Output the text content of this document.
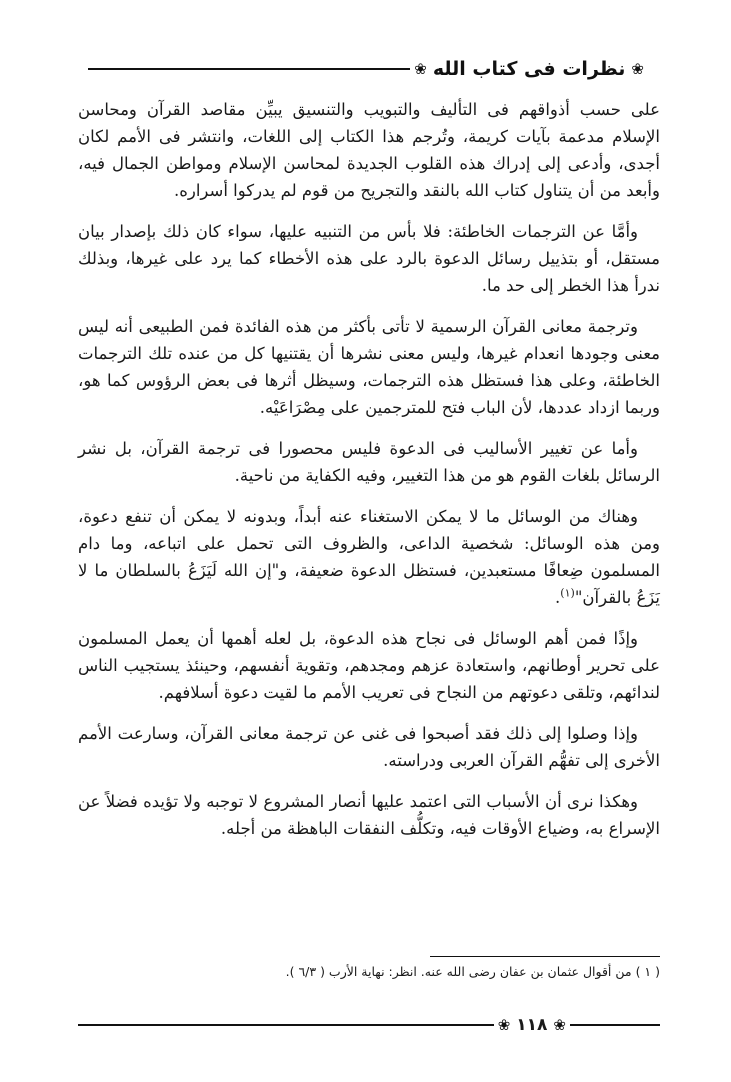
❀
نظرات فى كتاب الله
❀

على حسب أذواقهم فى التأليف والتبويب والتنسيق يبيِّن مقاصد القرآن ومحاسن الإسلام مدعمة بآيات كريمة، وتُرجم هذا الكتاب إلى اللغات، وانتشر فى الأمم لكان أجدى، وأدعى إلى إدراك هذه القلوب الجديدة لمحاسن الإسلام ومواطن الجمال فيه، وأبعد من أن يتناول كتاب الله بالنقد والتجريح من قوم لم يدركوا أسراره.

وأمَّا عن الترجمات الخاطئة: فلا بأس من التنبيه عليها، سواء كان ذلك بإصدار بيان مستقل، أو بتذييل رسائل الدعوة بالرد على هذه الأخطاء كما يرد على غيرها، وبذلك ندرأ هذا الخطر إلى حد ما.

وترجمة معانى القرآن الرسمية لا تأتى بأكثر من هذه الفائدة فمن الطبيعى أنه ليس معنى وجودها انعدام غيرها، وليس معنى نشرها أن يقتنيها كل من عنده تلك الترجمات الخاطئة، وعلى هذا فستظل هذه الترجمات، وسيظل أثرها فى بعض الرؤوس كما هو، وربما ازداد عددها، لأن الباب فتح للمترجمين على مِصْرَاعَيْه.

وأما عن تغيير الأساليب فى الدعوة فليس محصورا فى ترجمة القرآن، بل نشر الرسائل بلغات القوم هو من هذا التغيير، وفيه الكفاية من ناحية.

وهناك من الوسائل ما لا يمكن الاستغناء عنه أبداً، وبدونه لا يمكن أن تنفع دعوة، ومن هذه الوسائل: شخصية الداعى، والظروف التى تحمل على اتباعه، وما دام المسلمون ضِعافًا مستعبدين، فستظل الدعوة ضعيفة، و"إن الله لَيَزَعُ بالسلطان ما لا يَزَعُ بالقرآن"$^{(١)}$.

وإذًا فمن أهم الوسائل فى نجاح هذه الدعوة، بل لعله أهمها أن يعمل المسلمون على تحرير أوطانهم، واستعادة عزهم ومجدهم، وتقوية أنفسهم، وحينئذ يستجيب الناس لندائهم، وتلقى دعوتهم من النجاح فى تعريب الأمم ما لقيت دعوة أسلافهم.

وإذا وصلوا إلى ذلك فقد أصبحوا فى غنى عن ترجمة معانى القرآن، وسارعت الأمم الأخرى إلى تفهُّم القرآن العربى ودراسته.

وهكذا نرى أن الأسباب التى اعتمد عليها أنصار المشروع لا توجبه ولا تؤيده فضلاً عن الإسراع به، وضياع الأوقات فيه، وتكلُّف النفقات الباهظة من أجله.

( ١ ) من أقوال عثمان بن عفان رضى الله عنه. انظر: نهاية الأرب ( ٦/٣ ).
❀
١١٨
❀
